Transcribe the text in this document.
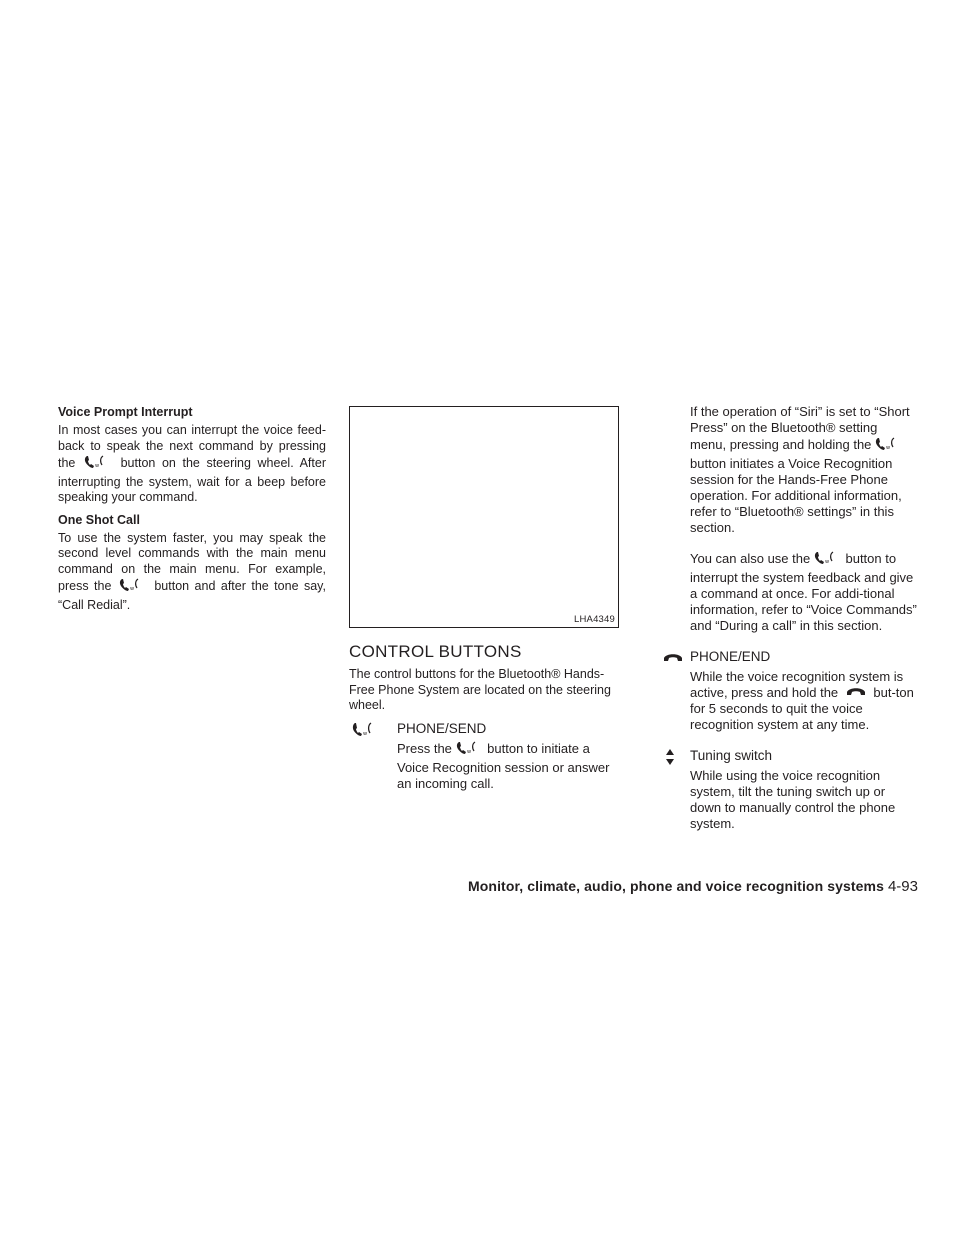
Voice Prompt Interrupt

In most cases you can interrupt the voice feed-back to speak the next command by pressing the	w button on the steering wheel. After interrupting the system, wait for a beep before speaking your command.

One Shot Call

To use the system faster, you may speak the second level commands with the main menu command on the main menu. For example, press the	w button and after the tone say, “Call Redial”.

LHA4349
CONTROL BUTTONS

The control buttons for the Bluetooth® Hands-Free Phone System are located on the steering wheel.

w PHONE/SEND

Press the	w button to initiate a Voice Recognition session or answer an incoming call.

If the operation of “Siri” is set to “Short Press” on the Bluetooth® setting menu, pressing and holding the	w
button initiates a Voice Recognition session for the Hands-Free Phone operation. For additional information, refer to “Bluetooth® settings” in this section.

You can also use the	w button to interrupt the system feedback and give a command at once. For addi-tional information, refer to “Voice Commands” and “During a call” in this section.

PHONE/END

While the voice recognition system is active, press and hold the	but-ton for 5 seconds to quit the voice recognition system at any time.

Tuning switch

While using the voice recognition system, tilt the tuning switch up or down to manually control the phone system.

Monitor, climate, audio, phone and voice recognition systems 4-93
